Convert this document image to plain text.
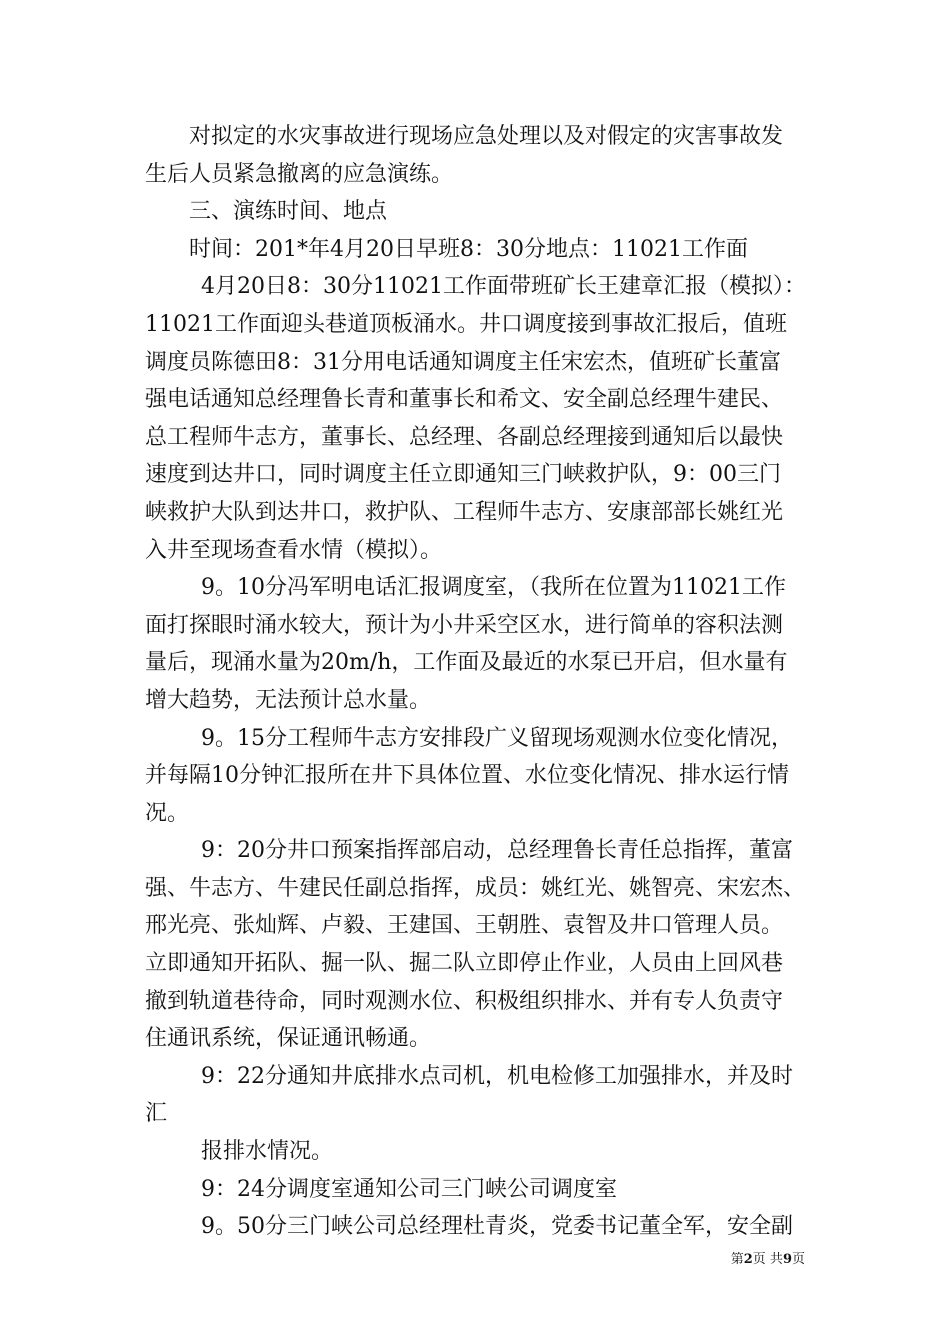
对拟定的水灾事故进行现场应急处理以及对假定的灾害事故发
生后人员紧急撤离的应急演练。
三、演练时间、地点
时间：201*年4月20日早班8：30分地点：11021工作面
4月20日8：30分11021工作面带班矿长王建章汇报（模拟）：
11021工作面迎头巷道顶板涌水。井口调度接到事故汇报后，值班
调度员陈德田8：31分用电话通知调度主任宋宏杰，值班矿长董富
强电话通知总经理鲁长青和董事长和希文、安全副总经理牛建民、
总工程师牛志方，董事长、总经理、各副总经理接到通知后以最快
速度到达井口，同时调度主任立即通知三门峡救护队，9：00三门
峡救护大队到达井口，救护队、工程师牛志方、安康部部长姚红光
入井至现场查看水情（模拟）。
9。10分冯军明电话汇报调度室，（我所在位置为11021工作
面打探眼时涌水较大，预计为小井采空区水，进行简单的容积法测
量后，现涌水量为20m/h，工作面及最近的水泵已开启，但水量有
增大趋势，无法预计总水量。
9。15分工程师牛志方安排段广义留现场观测水位变化情况，
并每隔10分钟汇报所在井下具体位置、水位变化情况、排水运行情
况。
9：20分井口预案指挥部启动，总经理鲁长青任总指挥，董富
强、牛志方、牛建民任副总指挥，成员：姚红光、姚智亮、宋宏杰、
邢光亮、张灿辉、卢毅、王建国、王朝胜、袁智及井口管理人员。
立即通知开拓队、掘一队、掘二队立即停止作业，人员由上回风巷
撤到轨道巷待命，同时观测水位、积极组织排水、并有专人负责守
住通讯系统，保证通讯畅通。
9：22分通知井底排水点司机，机电检修工加强排水，并及时
汇
报排水情况。
9：24分调度室通知公司三门峡公司调度室
9。50分三门峡公司总经理杜青炎，党委书记董全军，安全副
第2页 共9页
